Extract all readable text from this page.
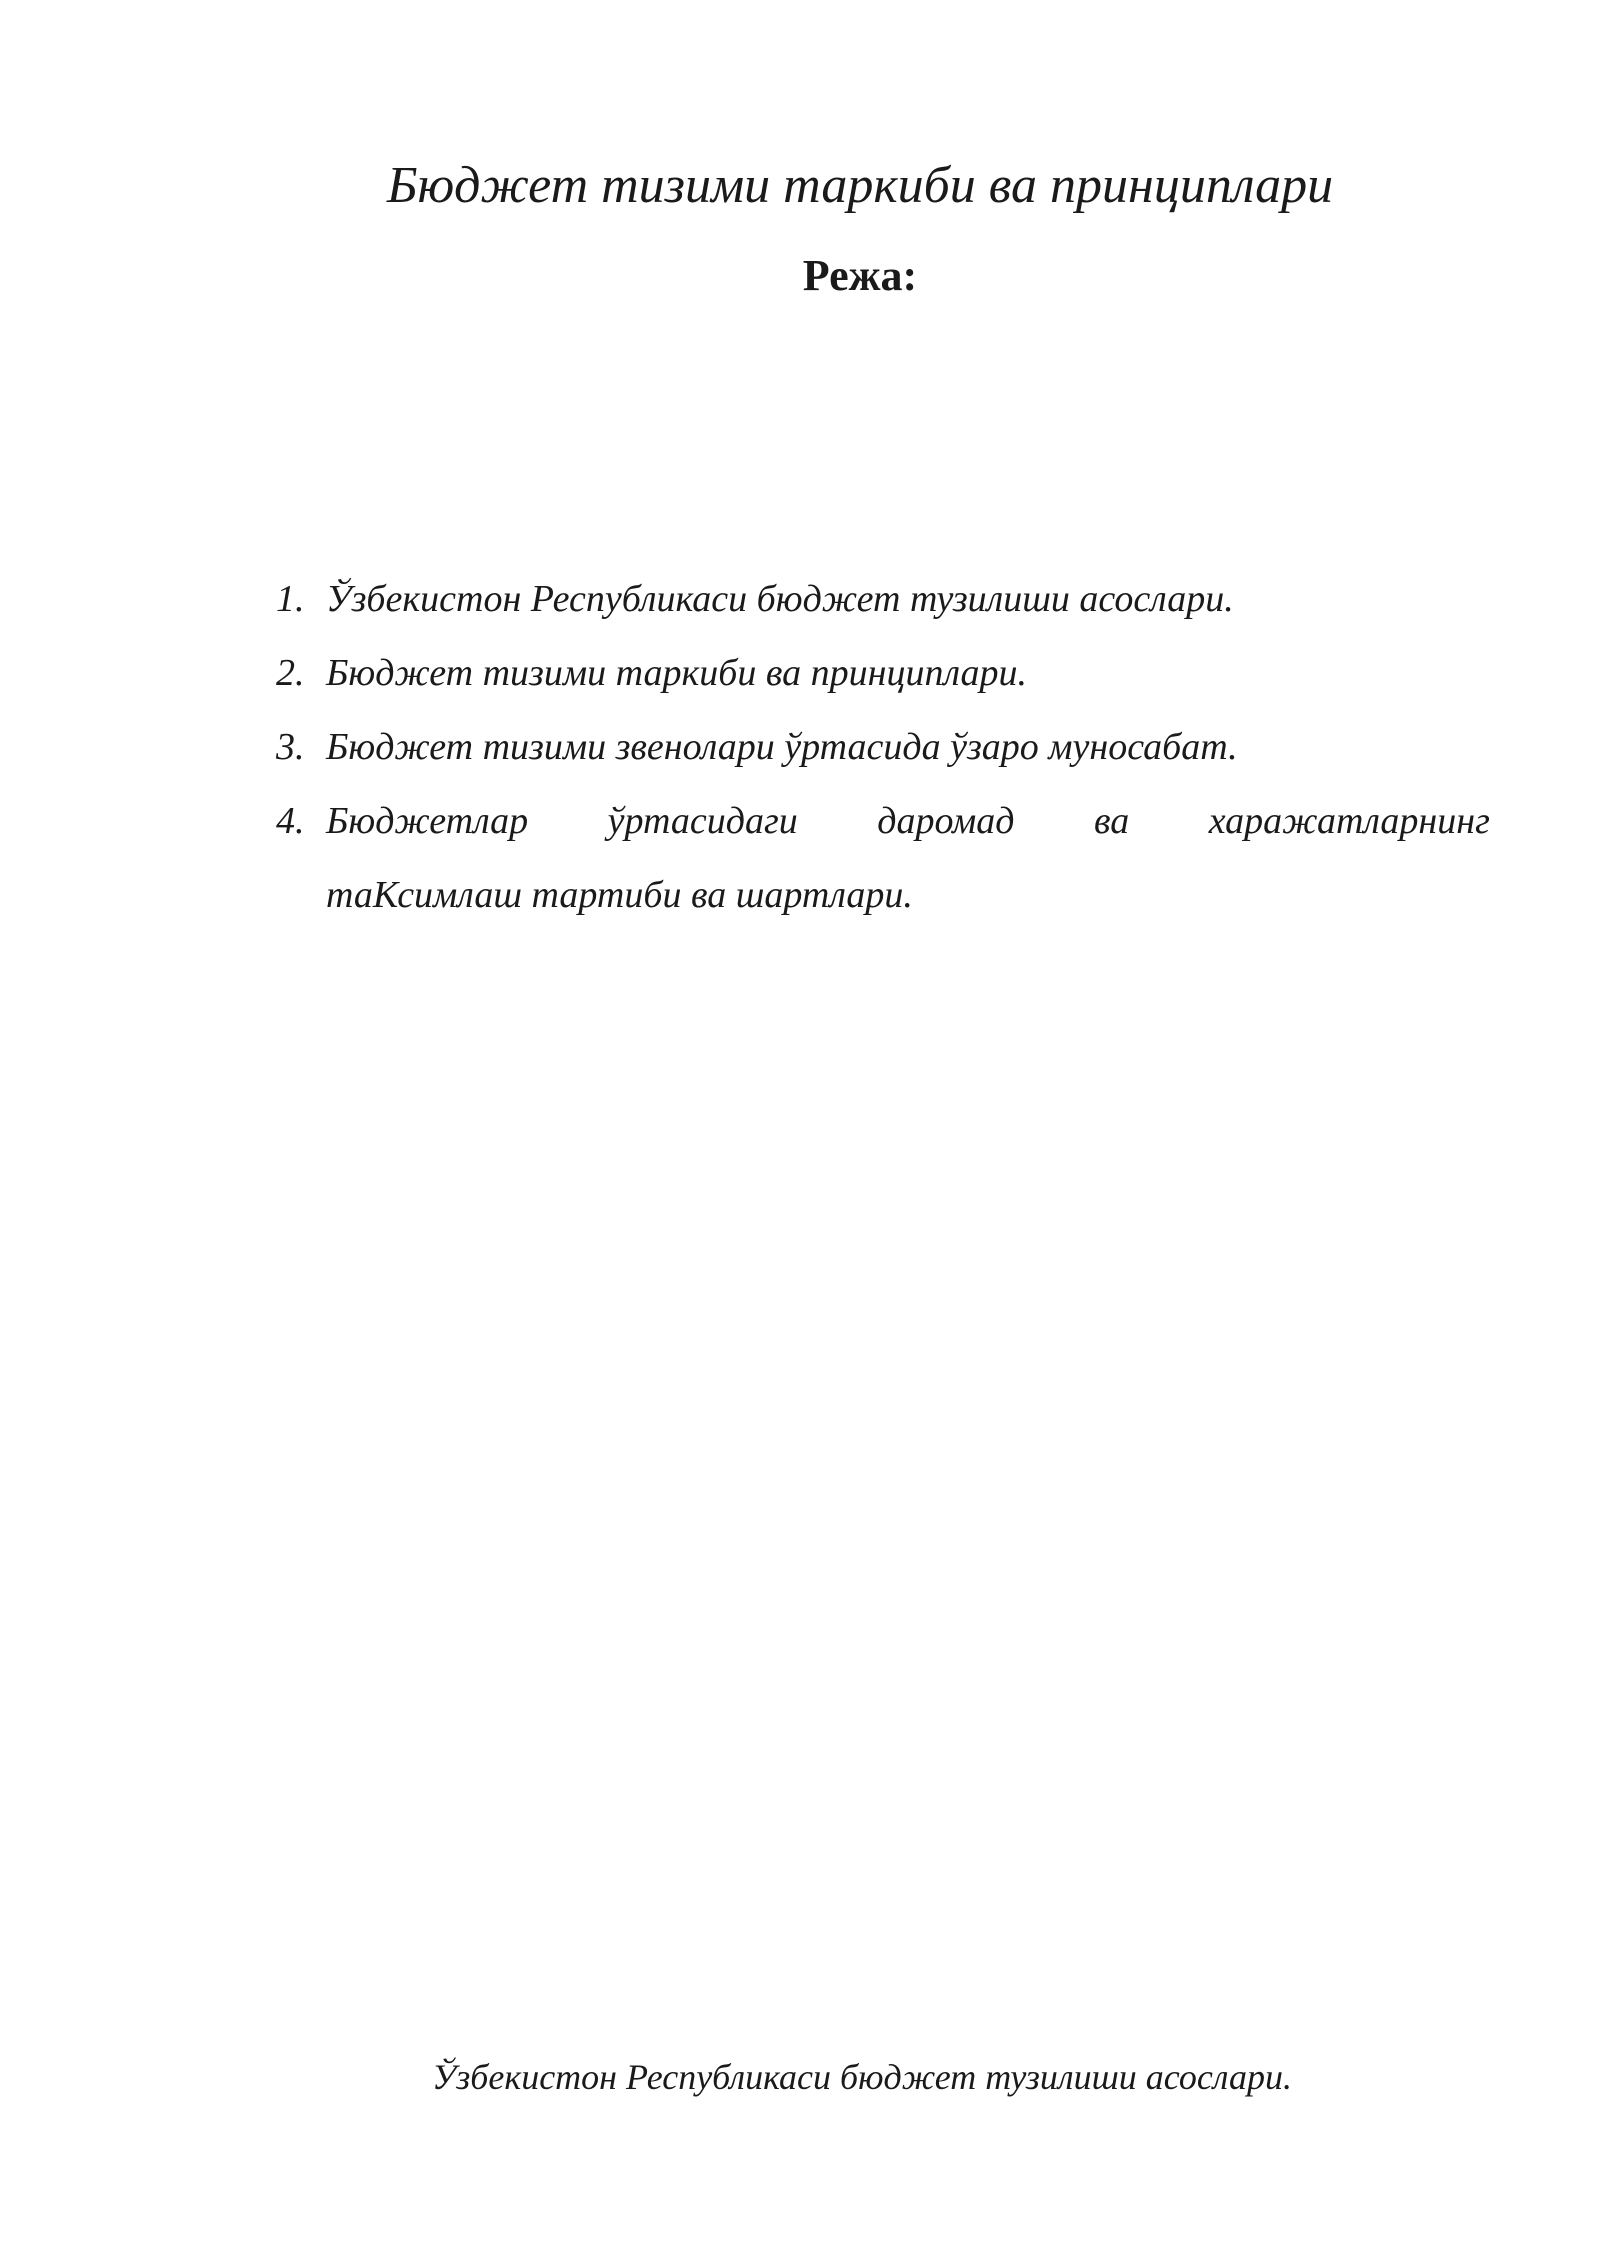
Бюджет тизими таркиби ва принциплари
Режа:
1. Ўзбекистон Республикаси бюджет тузилиши асослари.
2. Бюджет тизими таркиби ва принциплари.
3. Бюджет тизими звенолари ўртасида ўзаро муносабат.
4. Бюджетлар ўртасидаги даромад ва харажатларнинг
таКсимлаш тартиби ва шартлари.

Ўзбекистон Республикаси бюджет тузилиши асослари.
